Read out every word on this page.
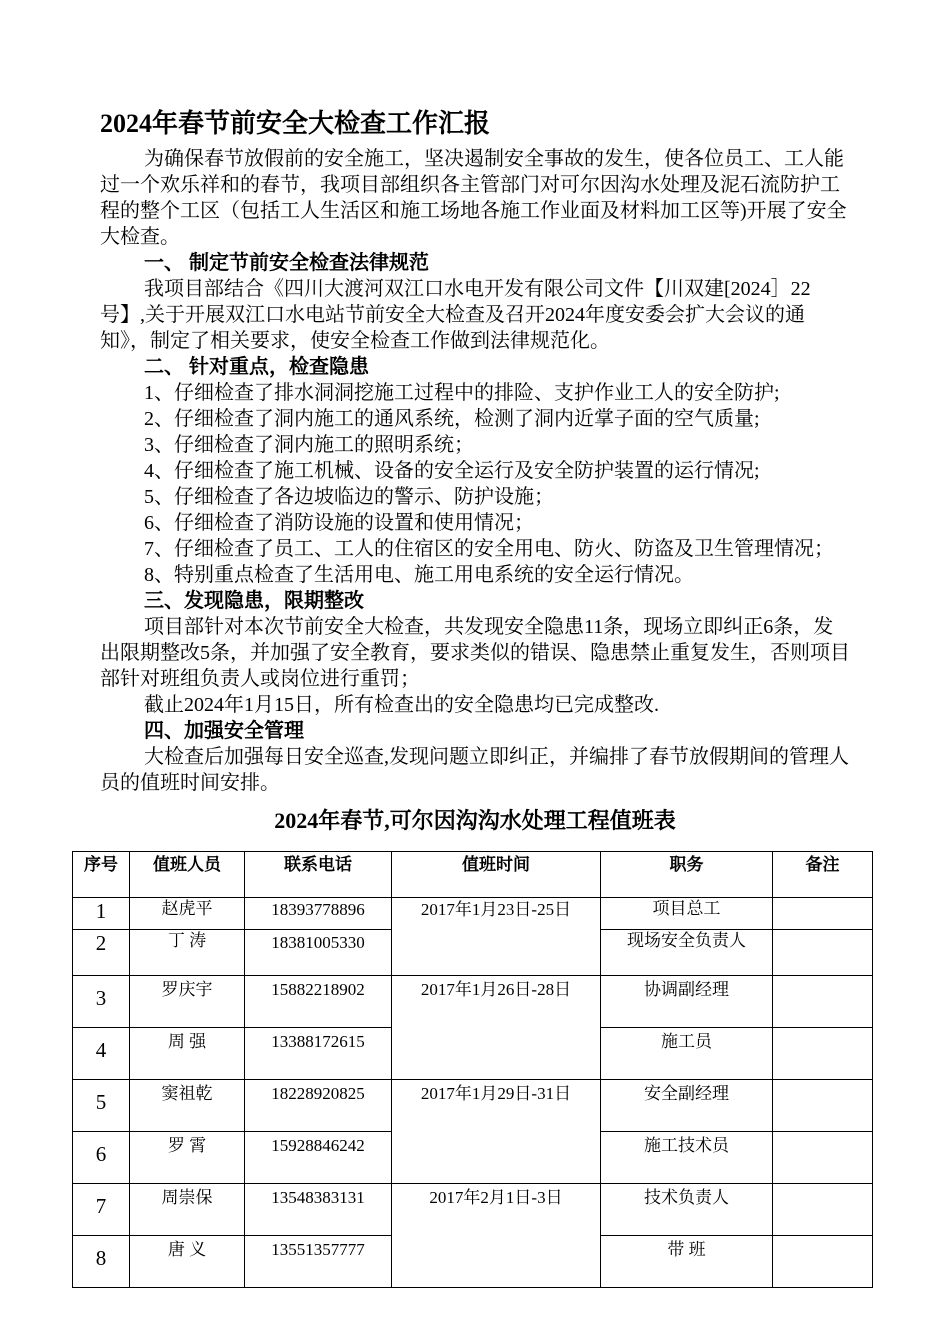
2024年春节前安全大检查工作汇报

为确保春节放假前的安全施工，坚决遏制安全事故的发生，使各位员工、工人能过一个欢乐祥和的春节，我项目部组织各主管部门对可尔因沟水处理及泥石流防护工程的整个工区（包括工人生活区和施工场地各施工作业面及材料加工区等)开展了安全大检查。

一、 制定节前安全检查法律规范

我项目部结合《四川大渡河双江口水电开发有限公司文件【川双建[2024］22号】,关于开展双江口水电站节前安全大检查及召开2024年度安委会扩大会议的通知》，制定了相关要求，使安全检查工作做到法律规范化。

二、 针对重点，检查隐患

1、仔细检查了排水洞洞挖施工过程中的排险、支护作业工人的安全防护;

2、仔细检查了洞内施工的通风系统，检测了洞内近掌子面的空气质量;

3、仔细检查了洞内施工的照明系统；

4、仔细检查了施工机械、设备的安全运行及安全防护装置的运行情况;

5、仔细检查了各边坡临边的警示、防护设施；

6、仔细检查了消防设施的设置和使用情况；

7、仔细检查了员工、工人的住宿区的安全用电、防火、防盗及卫生管理情况；

8、特别重点检查了生活用电、施工用电系统的安全运行情况。

三、发现隐患，限期整改

项目部针对本次节前安全大检查，共发现安全隐患11条，现场立即纠正6条，发出限期整改5条，并加强了安全教育，要求类似的错误、隐患禁止重复发生，否则项目部针对班组负责人或岗位进行重罚；

截止2024年1月15日，所有检查出的安全隐患均已完成整改.

四、加强安全管理

大检查后加强每日安全巡查,发现问题立即纠正，并编排了春节放假期间的管理人员的值班时间安排。

2024年春节,可尔因沟沟水处理工程值班表
序号	值班人员	联系电话	值班时间	职务	备注
1	赵虎平	18393778896	2017年1月23日-25日	项目总工	
2	丁 涛	18381005330		现场安全负责人	
3	罗庆宇	15882218902	2017年1月26日-28日	协调副经理	
4	周 强	13388172615		施工员	
5	窦祖乾	18228920825	2017年1月29日-31日	安全副经理	
6	罗 霄	15928846242		施工技术员	
7	周崇保	13548383131	2017年2月1日-3日	技术负责人	
8	唐 义	13551357777		带 班	
